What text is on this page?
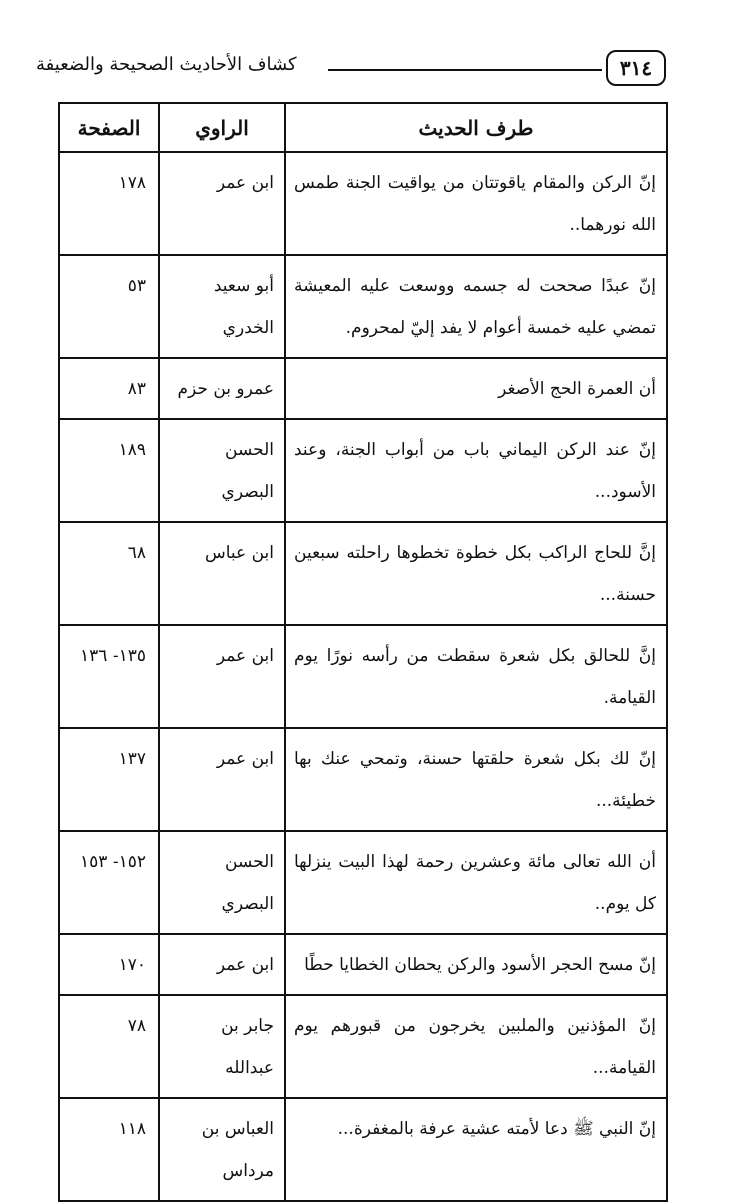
كشاف الأحاديث الصحيحة والضعيفة	٣١٤
طرف الحديث	الراوي	الصفحة
إنّ الركن والمقام ياقوتتان من يواقيت الجنة طمس الله نورهما..	ابن عمر	١٧٨
إنّ عبدًا صححت له جسمه ووسعت عليه المعيشة تمضي عليه خمسة أعوام لا يفد إليّ لمحروم.	أبو سعيد الخدري	٥٣
أن العمرة الحج الأصغر	عمرو بن حزم	٨٣
إنّ عند الركن اليماني باب من أبواب الجنة، وعند الأسود...	الحسن البصري	١٨٩
إنَّ للحاج الراكب بكل خطوة تخطوها راحلته سبعين حسنة...	ابن عباس	٦٨
إنَّ للحالق بكل شعرة سقطت من رأسه نورًا يوم القيامة.	ابن عمر	١٣٥- ١٣٦
إنّ لك بكل شعرة حلقتها حسنة، وتمحي عنك بها خطيئة...	ابن عمر	١٣٧
أن الله تعالى مائة وعشرين رحمة لهذا البيت ينزلها كل يوم..	الحسن البصري	١٥٢- ١٥٣
إنّ مسح الحجر الأسود والركن يحطان الخطايا حطًا	ابن عمر	١٧٠
إنّ المؤذنين والملبين يخرجون من قبورهم يوم القيامة...	جابر بن عبدالله	٧٨
إنّ النبي ﷺ دعا لأمته عشية عرفة بالمغفرة...	العباس بن مرداس	١١٨
